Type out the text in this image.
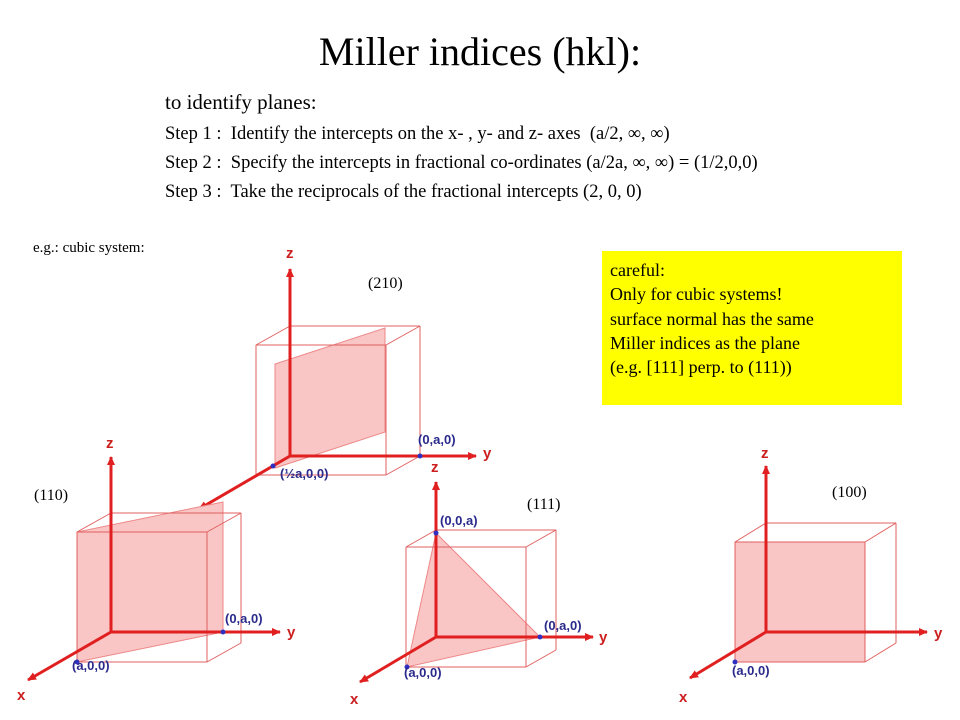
Miller indices (hkl):
to identify planes:
Step 1 :  Identify the intercepts on the x- , y- and z- axes  (a/2, ∞, ∞)
Step 2 :  Specify the intercepts in fractional co-ordinates (a/2a, ∞, ∞) = (1/2,0,0)
Step 3 :  Take the reciprocals of the fractional intercepts (2, 0, 0)
e.g.: cubic system:
careful:
Only for cubic systems!
surface normal has the same
Miller indices as the plane
(e.g. [111] perp. to (111))
(210)
(110)
(111)
(100)
z
y
(0,a,0)
(½a,0,0)
z
y
x
(0,a,0)
(a,0,0)
z
y
x
(0,0,a)
(0,a,0)
(a,0,0)
z
y
x
(a,0,0)
